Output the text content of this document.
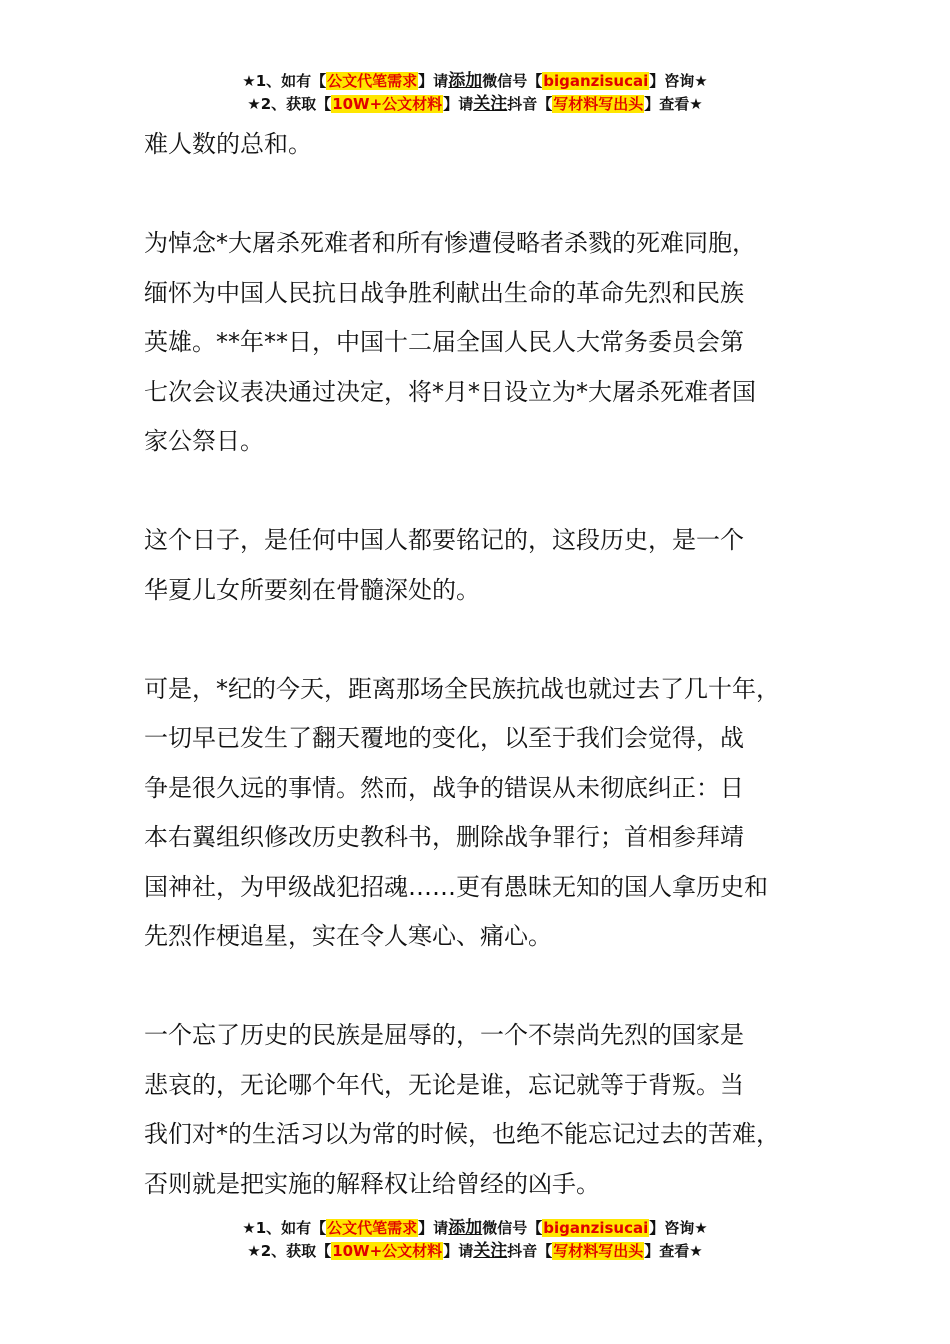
★1、如有【公文代笔需求】请添加微信号【biganzisucai】咨询★
★2、获取【10W+公文材料】请关注抖音【写材料写出头】查看★

难人数的总和。

为悼念*大屠杀死难者和所有惨遭侵略者杀戮的死难同胞，
缅怀为中国人民抗日战争胜利献出生命的革命先烈和民族
英雄。**年**日，中国十二届全国人民人大常务委员会第
七次会议表决通过决定，将*月*日设立为*大屠杀死难者国
家公祭日。

这个日子，是任何中国人都要铭记的，这段历史，是一个
华夏儿女所要刻在骨髓深处的。

可是，*纪的今天，距离那场全民族抗战也就过去了几十年，
一切早已发生了翻天覆地的变化，以至于我们会觉得，战
争是很久远的事情。然而，战争的错误从未彻底纠正：日
本右翼组织修改历史教科书，删除战争罪行；首相参拜靖
国神社，为甲级战犯招魂……更有愚昧无知的国人拿历史和
先烈作梗追星，实在令人寒心、痛心。

一个忘了历史的民族是屈辱的，一个不崇尚先烈的国家是
悲哀的，无论哪个年代，无论是谁，忘记就等于背叛。当
我们对*的生活习以为常的时候，也绝不能忘记过去的苦难，
否则就是把实施的解释权让给曾经的凶手。

★1、如有【公文代笔需求】请添加微信号【biganzisucai】咨询★
★2、获取【10W+公文材料】请关注抖音【写材料写出头】查看★
